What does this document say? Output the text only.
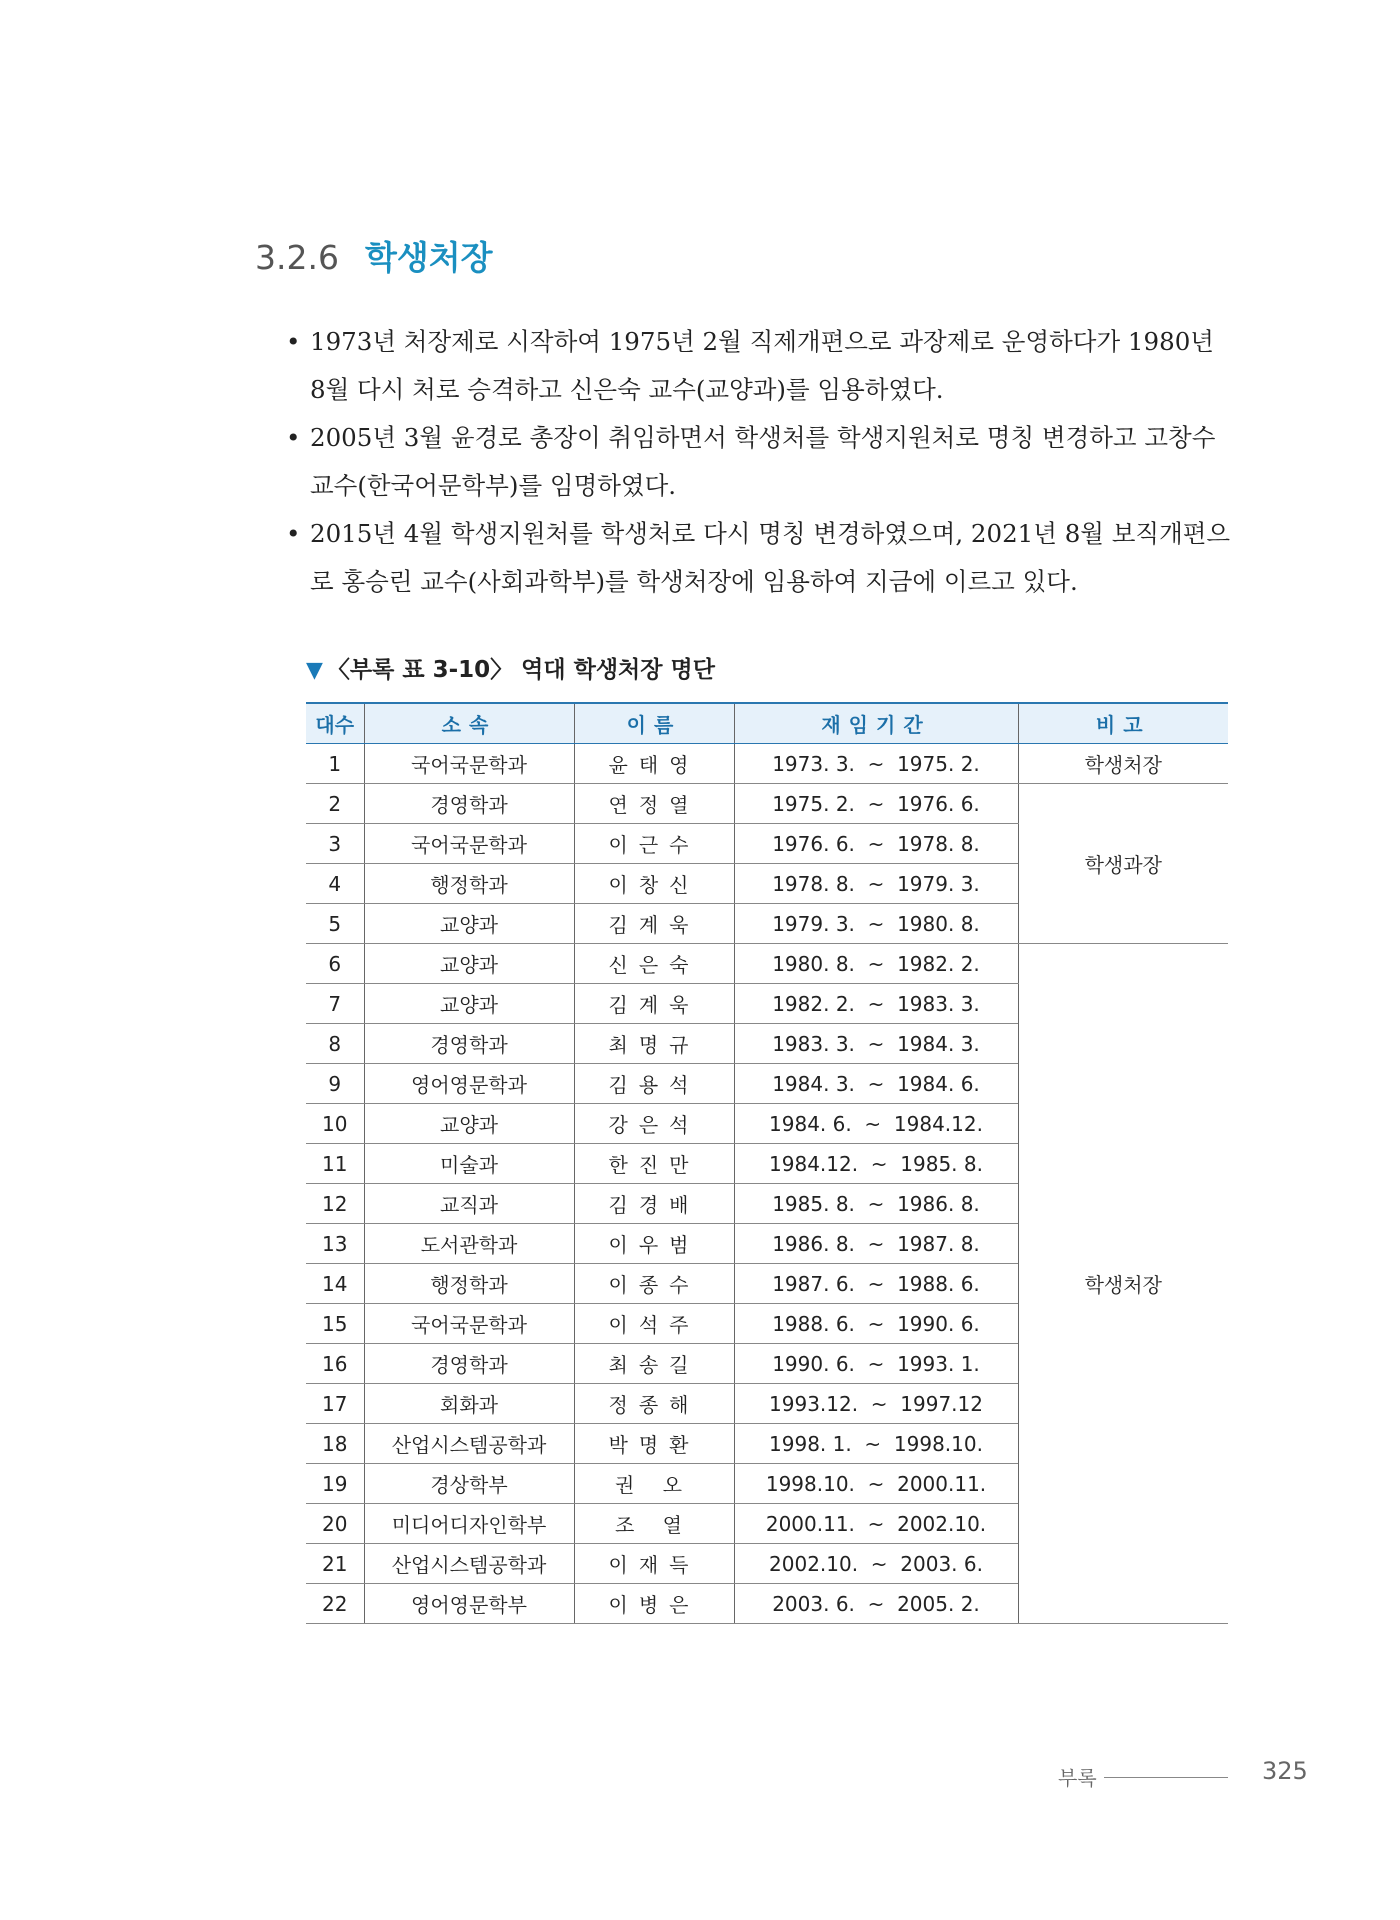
3.2.6 학생처장
• 1973년 처장제로 시작하여 1975년 2월 직제개편으로 과장제로 운영하다가 1980년 8월 다시 처로 승격하고 신은숙 교수(교양과)를 임용하였다.
• 2005년 3월 윤경로 총장이 취임하면서 학생처를 학생지원처로 명칭 변경하고 고창수 교수(한국어문학부)를 임명하였다.
• 2015년 4월 학생지원처를 학생처로 다시 명칭 변경하였으며, 2021년 8월 보직개편으로 홍승린 교수(사회과학부)를 학생처장에 임용하여 지금에 이르고 있다.
▼ 〈부록 표 3-10〉 역대 학생처장 명단
대수	소속	이름	재임기간	비고
1	국어국문학과	윤태영	1973. 3.  ~  1975. 2.	학생처장
2	경영학과	연정열	1975. 2.  ~  1976. 6.	학생과장
3	국어국문학과	이근수	1976. 6.  ~  1978. 8.	
4	행정학과	이창신	1978. 8.  ~  1979. 3.	
5	교양과	김계욱	1979. 3.  ~  1980. 8.	
6	교양과	신은숙	1980. 8.  ~  1982. 2.	학생처장
7	교양과	김계욱	1982. 2.  ~  1983. 3.	
8	경영학과	최명규	1983. 3.  ~  1984. 3.	
9	영어영문학과	김용석	1984. 3.  ~  1984. 6.	
10	교양과	강은석	1984. 6.  ~  1984.12.	
11	미술과	한진만	1984.12.  ~  1985. 8.	
12	교직과	김경배	1985. 8.  ~  1986. 8.	
13	도서관학과	이우범	1986. 8.  ~  1987. 8.	
14	행정학과	이종수	1987. 6.  ~  1988. 6.	
15	국어국문학과	이석주	1988. 6.  ~  1990. 6.	
16	경영학과	최송길	1990. 6.  ~  1993. 1.	
17	회화과	정종해	1993.12.  ~  1997.12	
18	산업시스템공학과	박명환	1998. 1.  ~  1998.10.	
19	경상학부	권 오	1998.10.  ~  2000.11.	
20	미디어디자인학부	조 열	2000.11.  ~  2002.10.	
21	산업시스템공학과	이재득	2002.10.  ~  2003. 6.	
22	영어영문학부	이병은	2003. 6.  ~  2005. 2.	
부록	325
